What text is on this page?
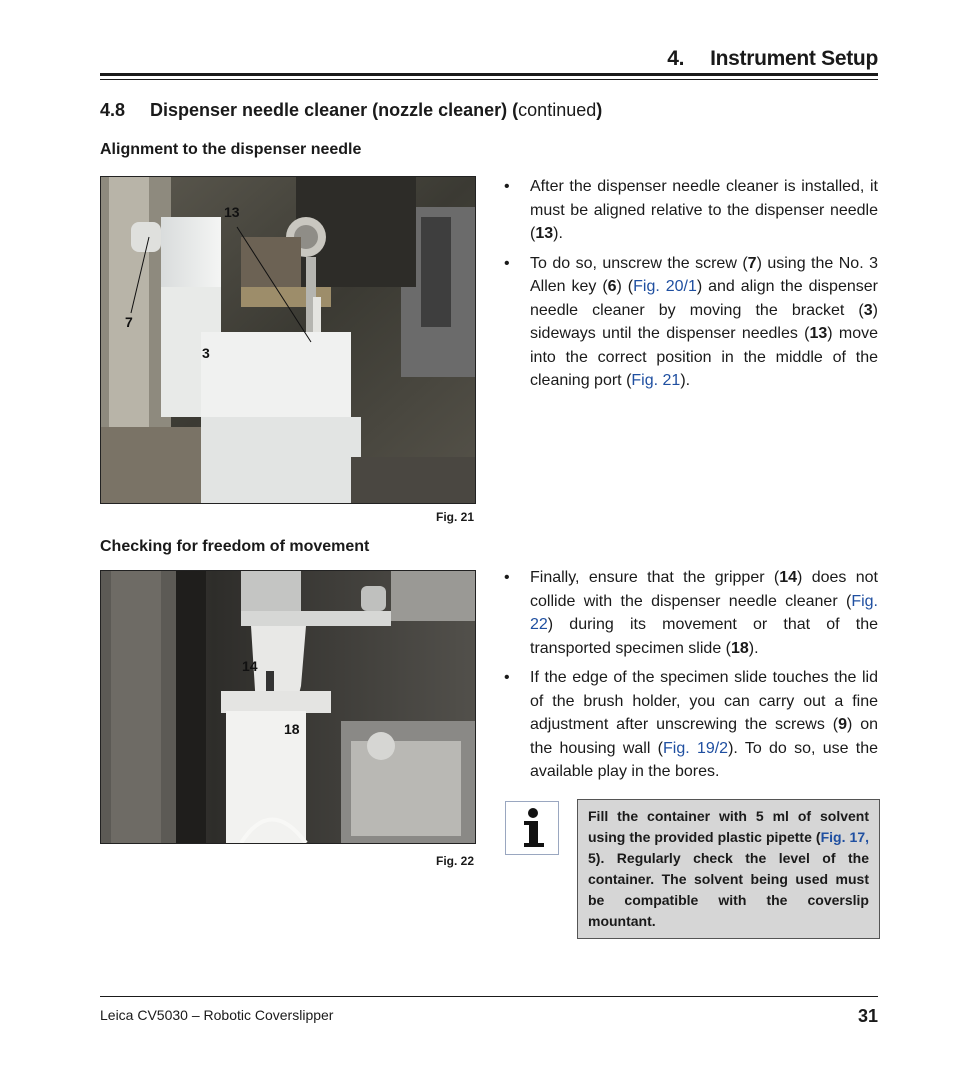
4. Instrument Setup
4.8 Dispenser needle cleaner (nozzle cleaner) (continued)
Alignment to the dispenser needle
13
7
3
Fig. 21
• After the dispenser needle cleaner is installed, it must be aligned relative to the dispenser needle (13).
• To do so, unscrew the screw (7) using the No. 3 Allen key (6) (Fig. 20/1) and align the dispenser needle cleaner by moving the bracket (3) sideways until the dispenser needles (13) move into the correct position in the middle of the cleaning port (Fig. 21).
Checking for freedom of movement
14
18
Fig. 22
• Finally, ensure that the gripper (14) does not collide with the dispenser needle cleaner (Fig. 22) during its movement or that of the transported specimen slide (18).
• If the edge of the specimen slide touches the lid of the brush holder, you can carry out a fine adjustment after unscrewing the screws (9) on the housing wall (Fig. 19/2). To do so, use the available play in the bores.
Fill the container with 5 ml of solvent using the provided plastic pipette (Fig. 17, 5). Regularly check the level of the container. The solvent being used must be compatible with the coverslip mountant.
Leica CV5030 – Robotic Coverslipper	31
